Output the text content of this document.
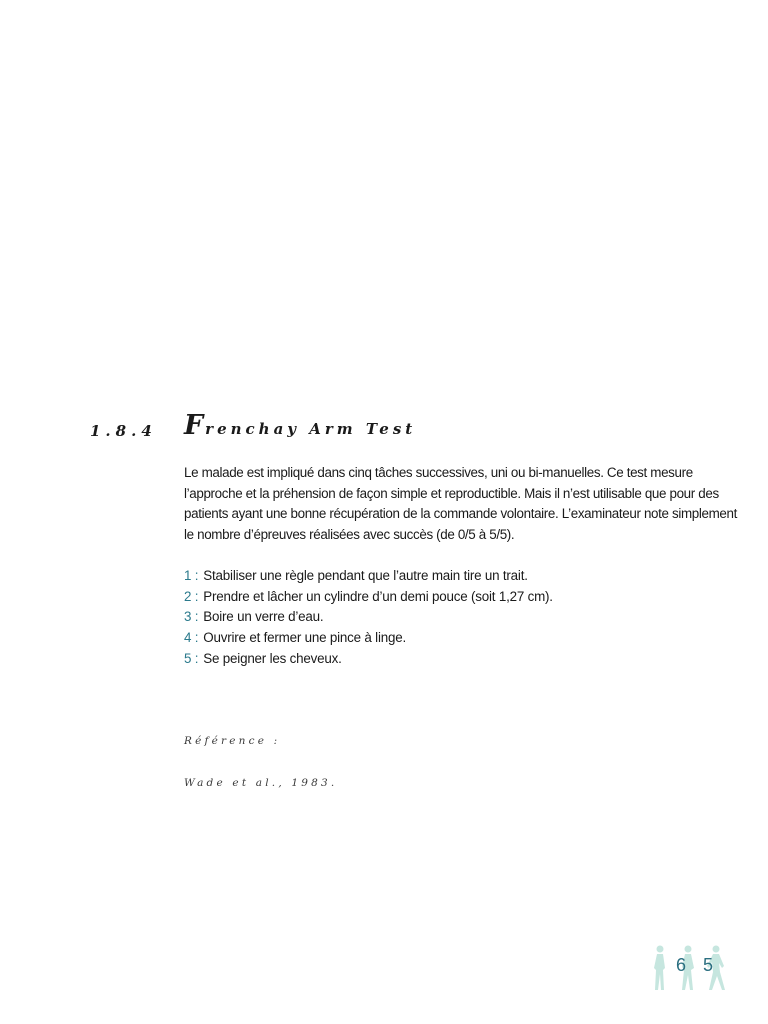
1.8.4 Frenchay Arm Test

Le malade est impliqué dans cinq tâches successives, uni ou bi-manuelles. Ce test mesure l’approche et la préhension de façon simple et reproductible. Mais il n’est utilisable que pour des patients ayant une bonne récupération de la commande volontaire. L’examinateur note simplement le nombre d’épreuves réalisées avec succès (de 0/5 à 5/5).

1 : Stabiliser une règle pendant que l’autre main tire un trait.
2 : Prendre et lâcher un cylindre d’un demi pouce (soit 1,27 cm).
3 : Boire un verre d’eau.
4 : Ouvrire et fermer une pince à linge.
5 : Se peigner les cheveux.
Référence :
Wade et al., 1983.
6 5
